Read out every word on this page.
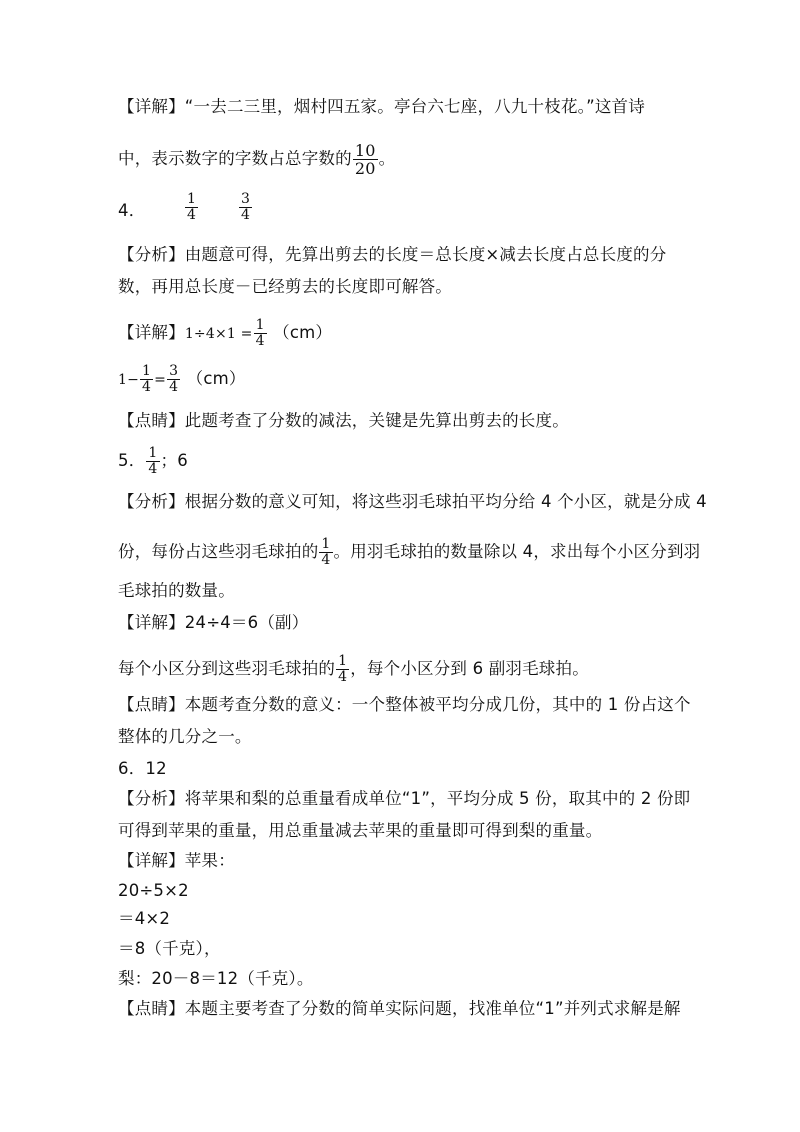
【详解】“一去二三里，烟村四五家。亭台六七座，八九十枝花。”这首诗
中，表示数字的字数占总字数的 $\frac{10}{20}$ 。
4．	$\frac{1}{4}$	$\frac{3}{4}$
【分析】由题意可得，先算出剪去的长度＝总长度×减去长度占总长度的分
数，再用总长度－已经剪去的长度即可解答。
【详解】$1\div 4\times 1 = \frac{1}{4} (cm)$
$1- \frac{1}{4} = \frac{3}{4} (cm)$
【点睛】此题考查了分数的减法，关键是先算出剪去的长度。
5． $\frac{1}{4}$ ；6
【分析】根据分数的意义可知，将这些羽毛球拍平均分给 4 个小区，就是分成 4
份，每份占这些羽毛球拍的 $\frac{1}{4}$ 。用羽毛球拍的数量除以 4，求出每个小区分到羽
毛球拍的数量。
【详解】24÷4＝6（副）
每个小区分到这些羽毛球拍的 $\frac{1}{4}$ ，每个小区分到 6 副羽毛球拍。
【点睛】本题考查分数的意义：一个整体被平均分成几份，其中的 1 份占这个
整体的几分之一。
6．12
【分析】将苹果和梨的总重量看成单位“1”，平均分成 5 份，取其中的 2 份即
可得到苹果的重量，用总重量减去苹果的重量即可得到梨的重量。
【详解】苹果：
20÷5×2
＝4×2
＝8（千克），
梨：20－8＝12（千克）。
【点睛】本题主要考查了分数的简单实际问题，找准单位“1”并列式求解是解
